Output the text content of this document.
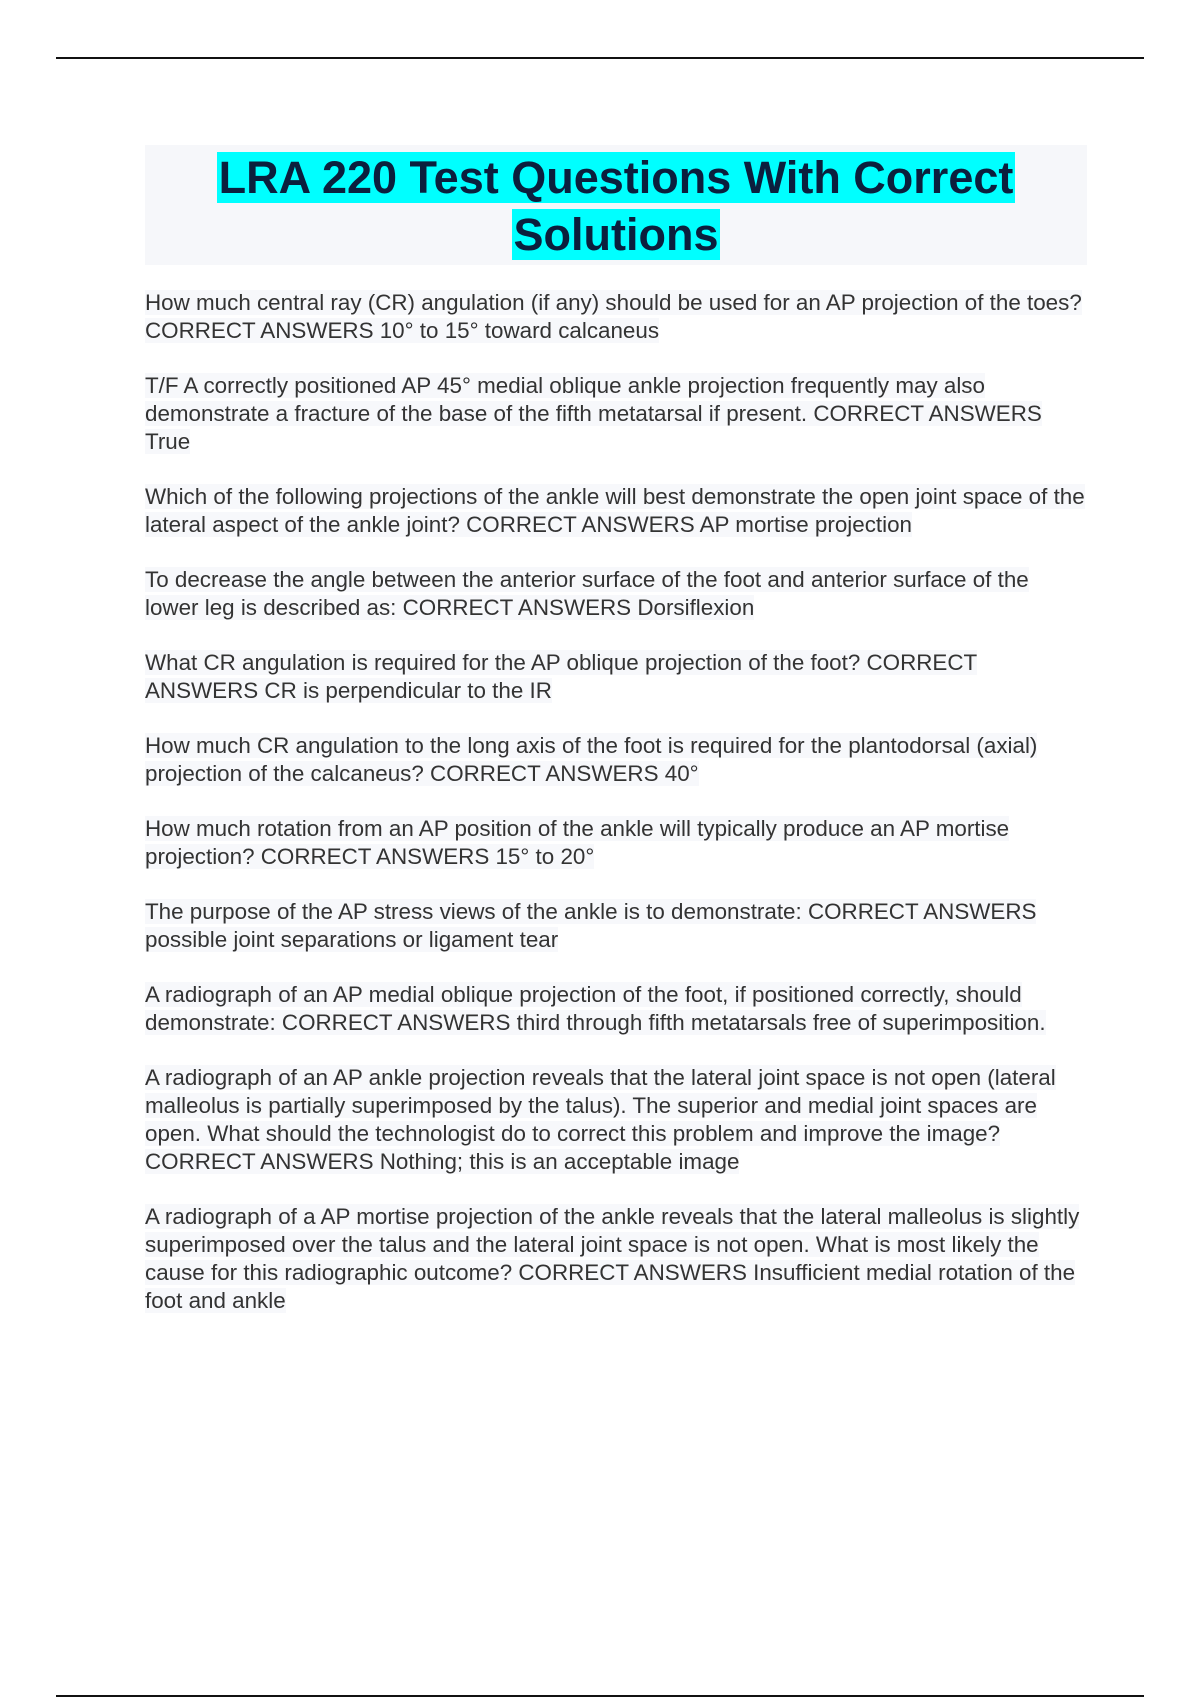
LRA 220 Test Questions With Correct
Solutions

How much central ray (CR) angulation (if any) should be used for an AP projection of the toes? CORRECT ANSWERS 10° to 15° toward calcaneus

T/F A correctly positioned AP 45° medial oblique ankle projection frequently may also demonstrate a fracture of the base of the fifth metatarsal if present. CORRECT ANSWERS True

Which of the following projections of the ankle will best demonstrate the open joint space of the lateral aspect of the ankle joint? CORRECT ANSWERS AP mortise projection

To decrease the angle between the anterior surface of the foot and anterior surface of the lower leg is described as: CORRECT ANSWERS Dorsiflexion

What CR angulation is required for the AP oblique projection of the foot? CORRECT ANSWERS CR is perpendicular to the IR

How much CR angulation to the long axis of the foot is required for the plantodorsal (axial) projection of the calcaneus? CORRECT ANSWERS 40°

How much rotation from an AP position of the ankle will typically produce an AP mortise projection? CORRECT ANSWERS 15° to 20°

The purpose of the AP stress views of the ankle is to demonstrate: CORRECT ANSWERS possible joint separations or ligament tear

A radiograph of an AP medial oblique projection of the foot, if positioned correctly, should demonstrate: CORRECT ANSWERS third through fifth metatarsals free of superimposition.

A radiograph of an AP ankle projection reveals that the lateral joint space is not open (lateral malleolus is partially superimposed by the talus). The superior and medial joint spaces are open. What should the technologist do to correct this problem and improve the image? CORRECT ANSWERS Nothing; this is an acceptable image

A radiograph of a AP mortise projection of the ankle reveals that the lateral malleolus is slightly superimposed over the talus and the lateral joint space is not open. What is most likely the cause for this radiographic outcome? CORRECT ANSWERS Insufficient medial rotation of the foot and ankle
